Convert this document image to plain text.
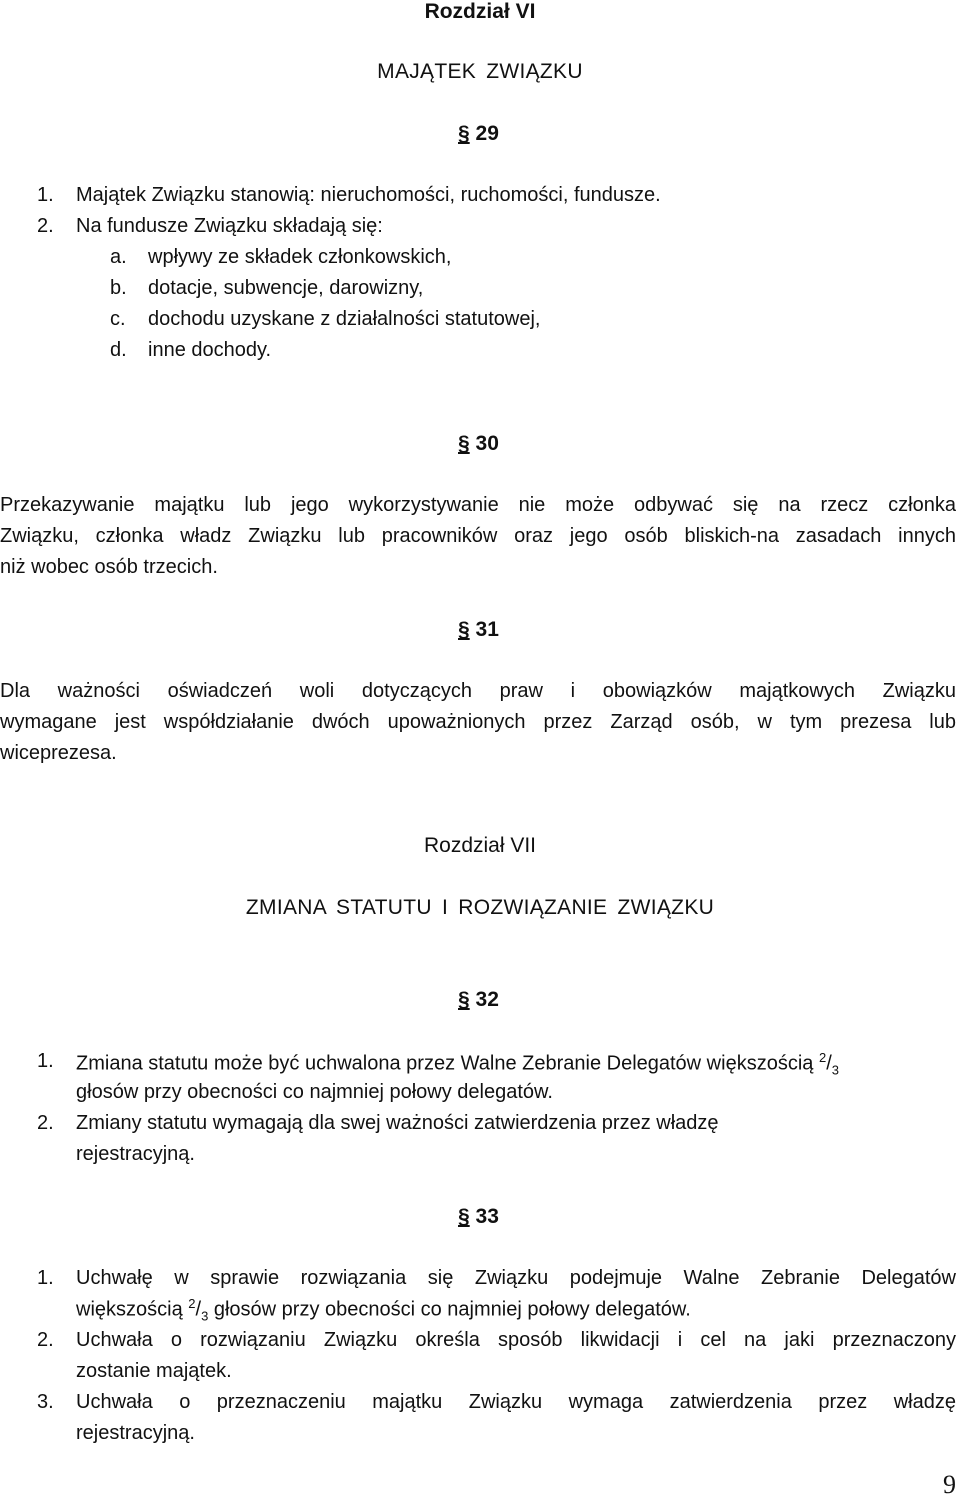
Rozdział VI
MAJĄTEK ZWIĄZKU
§ 29
1. Majątek Związku stanowią: nieruchomości, ruchomości, fundusze.
2. Na fundusze Związku składają się:
a. wpływy ze składek członkowskich,
b. dotacje, subwencje, darowizny,
c. dochodu uzyskane z działalności statutowej,
d. inne dochody.
§ 30
Przekazywanie majątku lub jego wykorzystywanie nie może odbywać się na rzecz członka
Związku, członka władz Związku lub pracowników oraz jego osób bliskich-na zasadach innych
niż wobec osób trzecich.
§ 31
Dla ważności oświadczeń woli dotyczących praw i obowiązków majątkowych Związku
wymagane jest współdziałanie dwóch upoważnionych przez Zarząd osób, w tym prezesa lub
wiceprezesa.
Rozdział VII
ZMIANA STATUTU I ROZWIĄZANIE ZWIĄZKU
§ 32
1. Zmiana statutu może być uchwalona przez Walne Zebranie Delegatów większością $^2/_3$
głosów przy obecności co najmniej połowy delegatów.
2. Zmiany statutu wymagają dla swej ważności zatwierdzenia przez władzę
rejestracyjną.
§ 33
1. Uchwałę w sprawie rozwiązania się Związku podejmuje Walne Zebranie Delegatów
większością $^2/_3$ głosów przy obecności co najmniej połowy delegatów.
2. Uchwała o rozwiązaniu Związku określa sposób likwidacji i cel na jaki przeznaczony
zostanie majątek.
3. Uchwała o przeznaczeniu majątku Związku wymaga zatwierdzenia przez władzę
rejestracyjną.
9
